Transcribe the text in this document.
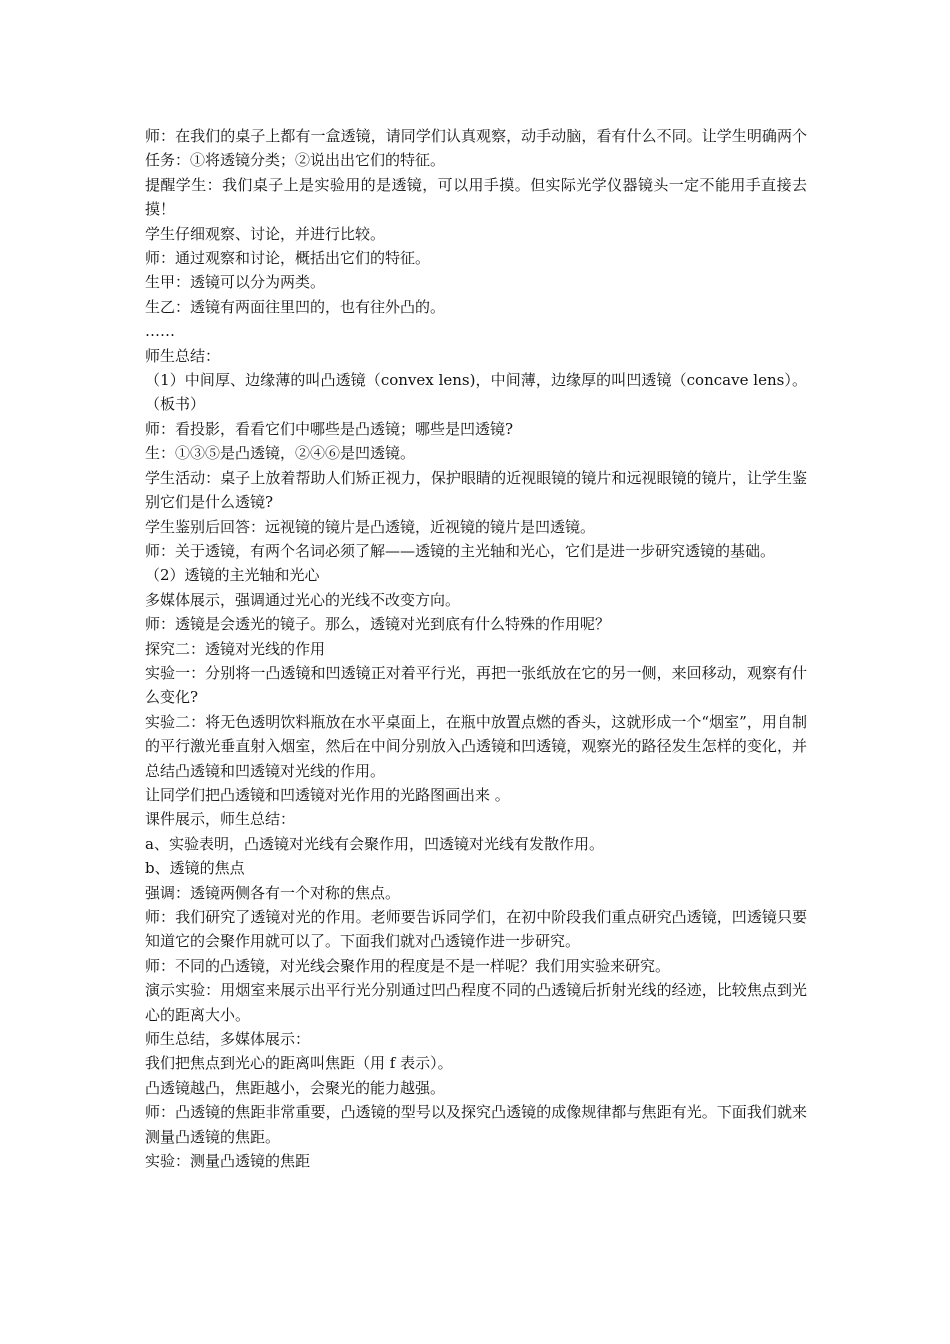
师：在我们的桌子上都有一盒透镜，请同学们认真观察，动手动脑，看有什么不同。让学生明确两个任务：①将透镜分类；②说出出它们的特征。

提醒学生：我们桌子上是实验用的是透镜，可以用手摸。但实际光学仪器镜头一定不能用手直接去摸！

学生仔细观察、讨论，并进行比较。

师：通过观察和讨论，概括出它们的特征。

生甲：透镜可以分为两类。

生乙：透镜有两面往里凹的，也有往外凸的。

……

师生总结：

（1）中间厚、边缘薄的叫凸透镜（convex lens)，中间薄，边缘厚的叫凹透镜（concave lens）。（板书）

师：看投影，看看它们中哪些是凸透镜；哪些是凹透镜?

生：①③⑤是凸透镜，②④⑥是凹透镜。

学生活动：桌子上放着帮助人们矫正视力，保护眼睛的近视眼镜的镜片和远视眼镜的镜片，让学生鉴别它们是什么透镜?

学生鉴别后回答：远视镜的镜片是凸透镜，近视镜的镜片是凹透镜。

师：关于透镜，有两个名词必须了解——透镜的主光轴和光心，它们是进一步研究透镜的基础。

（2）透镜的主光轴和光心

多媒体展示，强调通过光心的光线不改变方向。

师：透镜是会透光的镜子。那么，透镜对光到底有什么特殊的作用呢？

探究二：透镜对光线的作用

实验一：分别将一凸透镜和凹透镜正对着平行光，再把一张纸放在它的另一侧，来回移动，观察有什么变化?

实验二：将无色透明饮料瓶放在水平桌面上，在瓶中放置点燃的香头，这就形成一个“烟室”，用自制的平行激光垂直射入烟室，然后在中间分别放入凸透镜和凹透镜，观察光的路径发生怎样的变化，并总结凸透镜和凹透镜对光线的作用。

让同学们把凸透镜和凹透镜对光作用的光路图画出来 。

课件展示，师生总结：

a、实验表明，凸透镜对光线有会聚作用，凹透镜对光线有发散作用。

b、透镜的焦点

强调：透镜两侧各有一个对称的焦点。

师：我们研究了透镜对光的作用。老师要告诉同学们，在初中阶段我们重点研究凸透镜，凹透镜只要知道它的会聚作用就可以了。下面我们就对凸透镜作进一步研究。

师：不同的凸透镜，对光线会聚作用的程度是不是一样呢？我们用实验来研究。

演示实验：用烟室来展示出平行光分别通过凹凸程度不同的凸透镜后折射光线的经迹，比较焦点到光心的距离大小。

师生总结，多媒体展示：

我们把焦点到光心的距离叫焦距（用 f 表示）。

凸透镜越凸，焦距越小，会聚光的能力越强。

师：凸透镜的焦距非常重要，凸透镜的型号以及探究凸透镜的成像规律都与焦距有光。下面我们就来测量凸透镜的焦距。

实验：测量凸透镜的焦距
